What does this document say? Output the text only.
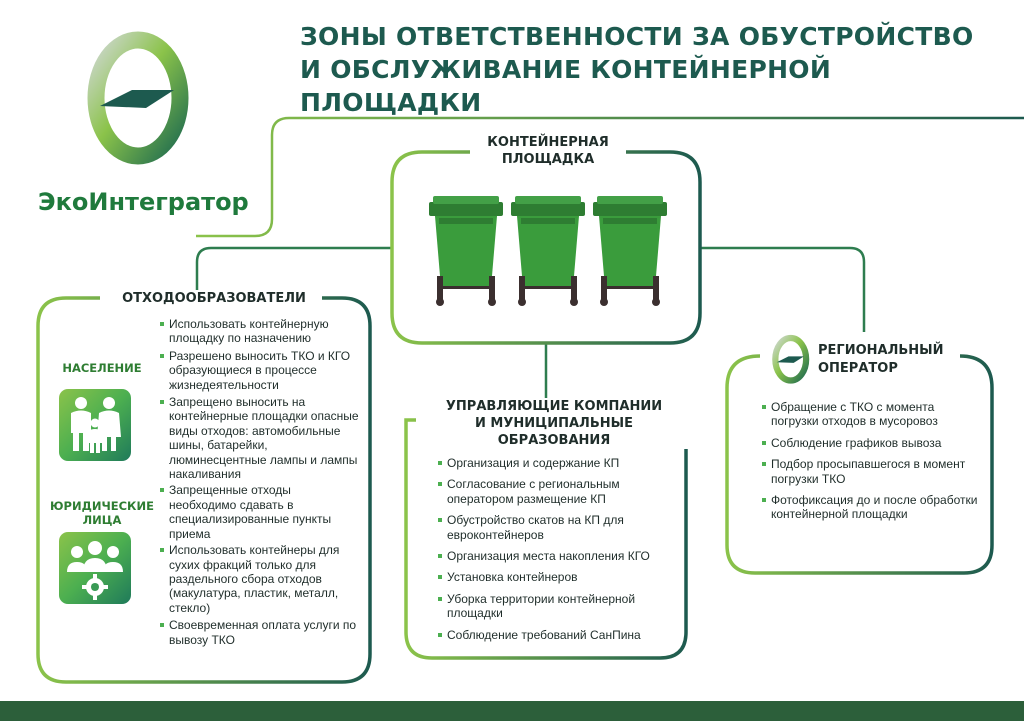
ЭкоИнтегратор
ЗОНЫ ОТВЕТСТВЕННОСТИ ЗА ОБУСТРОЙСТВО
И ОБСЛУЖИВАНИЕ КОНТЕЙНЕРНОЙ ПЛОЩАДКИ
КОНТЕЙНЕРНАЯ
ПЛОЩАДКА
ОТХОДООБРАЗОВАТЕЛИ
НАСЕЛЕНИЕ
ЮРИДИЧЕСКИЕ
ЛИЦА
Использовать контейнерную площадку по назначению
Разрешено выносить ТКО и КГО образующиеся в процессе жизнедеятельности
Запрещено выносить на контейнерные площадки опасные виды отходов: автомобильные шины, батарейки, люминесцентные лампы и лампы накаливания
Запрещенные отходы необходимо сдавать в специализированные пункты приема
Использовать контейнеры для сухих фракций только для раздельного сбора отходов (макулатура, пластик, металл, стекло)
Своевременная оплата услуги по вывозу ТКО
УПРАВЛЯЮЩИЕ КОМПАНИИ
И МУНИЦИПАЛЬНЫЕ ОБРАЗОВАНИЯ
Организация и содержание КП
Согласование с региональным оператором размещение КП
Обустройство скатов на КП для евроконтейнеров
Организация места накопления КГО
Установка контейнеров
Уборка территории контейнерной площадки
Соблюдение требований СанПина
РЕГИОНАЛЬНЫЙ
ОПЕРАТОР
Обращение с ТКО с момента погрузки отходов в мусоровоз
Соблюдение графиков вывоза
Подбор просыпавшегося в момент погрузки ТКО
Фотофиксация до и после обработки контейнерной площадки
